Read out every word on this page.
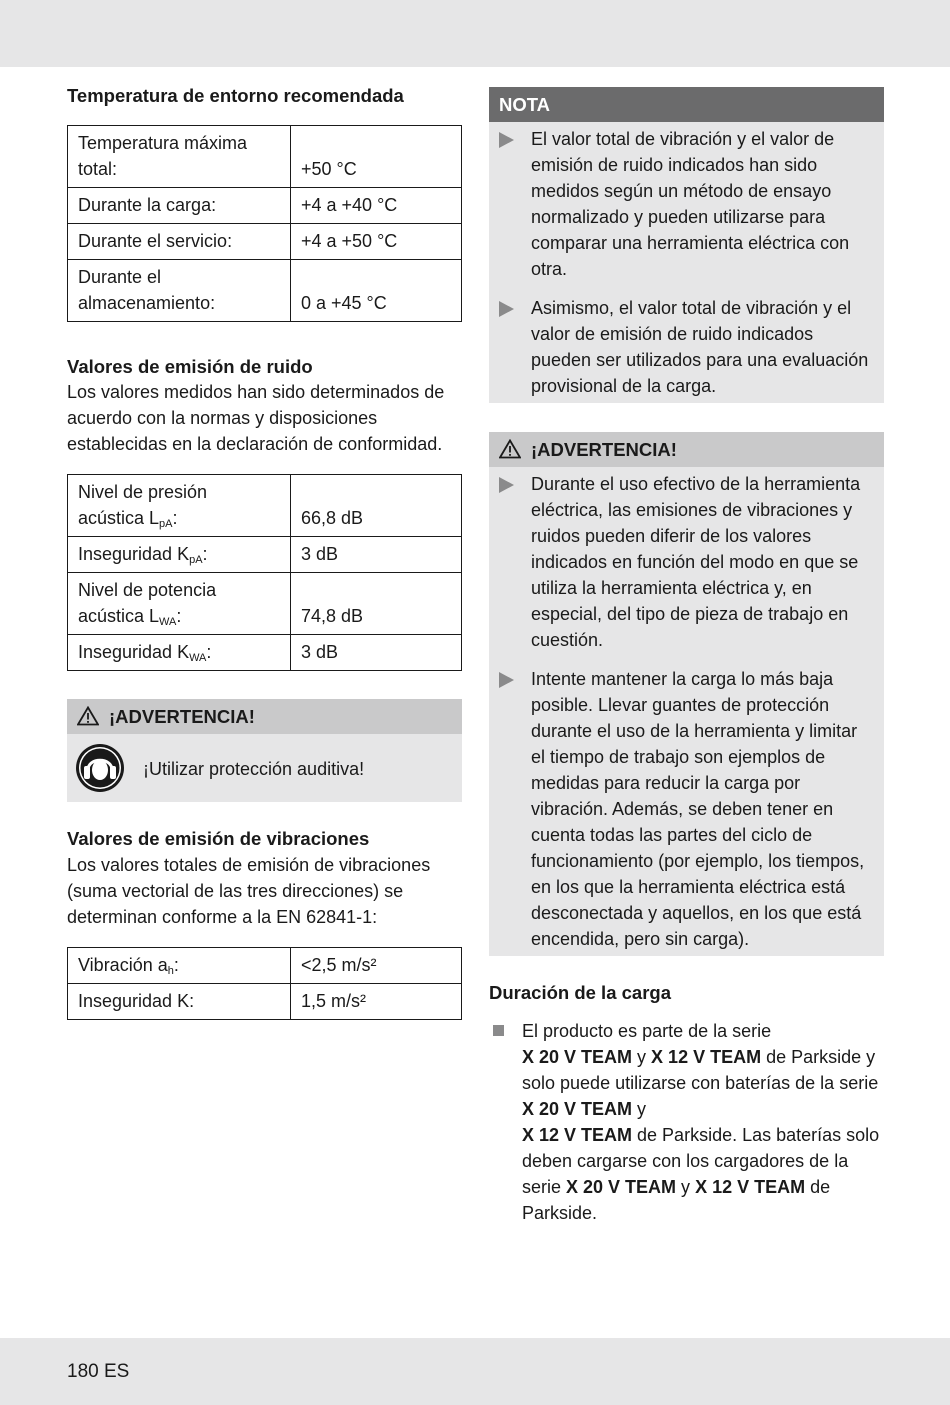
Temperatura de entorno recomendada
Temperatura máxima
total:	+50 °C
Durante la carga:	+4 a +40 °C
Durante el servicio:	+4 a +50 °C
Durante el
almacenamiento:	0 a +45 °C
Valores de emisión de ruido
Los valores medidos han sido determinados de acuerdo con la normas y disposiciones establecidas en la declaración de conformidad.
Nivel de presión
acústica $L_{pA}$:	66,8 dB
Inseguridad $K_{pA}$:	3 dB
Nivel de potencia
acústica $L_{WA}$:	74,8 dB
Inseguridad $K_{WA}$:	3 dB
¡ADVERTENCIA!
¡Utilizar protección auditiva!
Valores de emisión de vibraciones
Los valores totales de emisión de vibraciones (suma vectorial de las tres direcciones) se determinan conforme a la EN 62841-1:
Vibración $a_h$:	<2,5 m/s²
Inseguridad K:	1,5 m/s²
NOTA
El valor total de vibración y el valor de emisión de ruido indicados han sido medidos según un método de ensayo normalizado y pueden utilizarse para comparar una herramienta eléctrica con otra.
Asimismo, el valor total de vibración y el valor de emisión de ruido indicados pueden ser utilizados para una evaluación provisional de la carga.
¡ADVERTENCIA!
Durante el uso efectivo de la herramienta eléctrica, las emisiones de vibraciones y ruidos pueden diferir de los valores indicados en función del modo en que se utiliza la herramienta eléctrica y, en especial, del tipo de pieza de trabajo en cuestión.
Intente mantener la carga lo más baja posible. Llevar guantes de protección durante el uso de la herramienta y limitar el tiempo de trabajo son ejemplos de medidas para reducir la carga por vibración. Además, se deben tener en cuenta todas las partes del ciclo de funcionamiento (por ejemplo, los tiempos, en los que la herramienta eléctrica está desconectada y aquellos, en los que está encendida, pero sin carga).
Duración de la carga
El producto es parte de la serie
X 20 V TEAM y X 12 V TEAM de Parkside y solo puede utilizarse con baterías de la serie X 20 V TEAM y
X 12 V TEAM de Parkside. Las baterías solo deben cargarse con los cargadores de la serie X 20 V TEAM y X 12 V TEAM de Parkside.
180 ES
